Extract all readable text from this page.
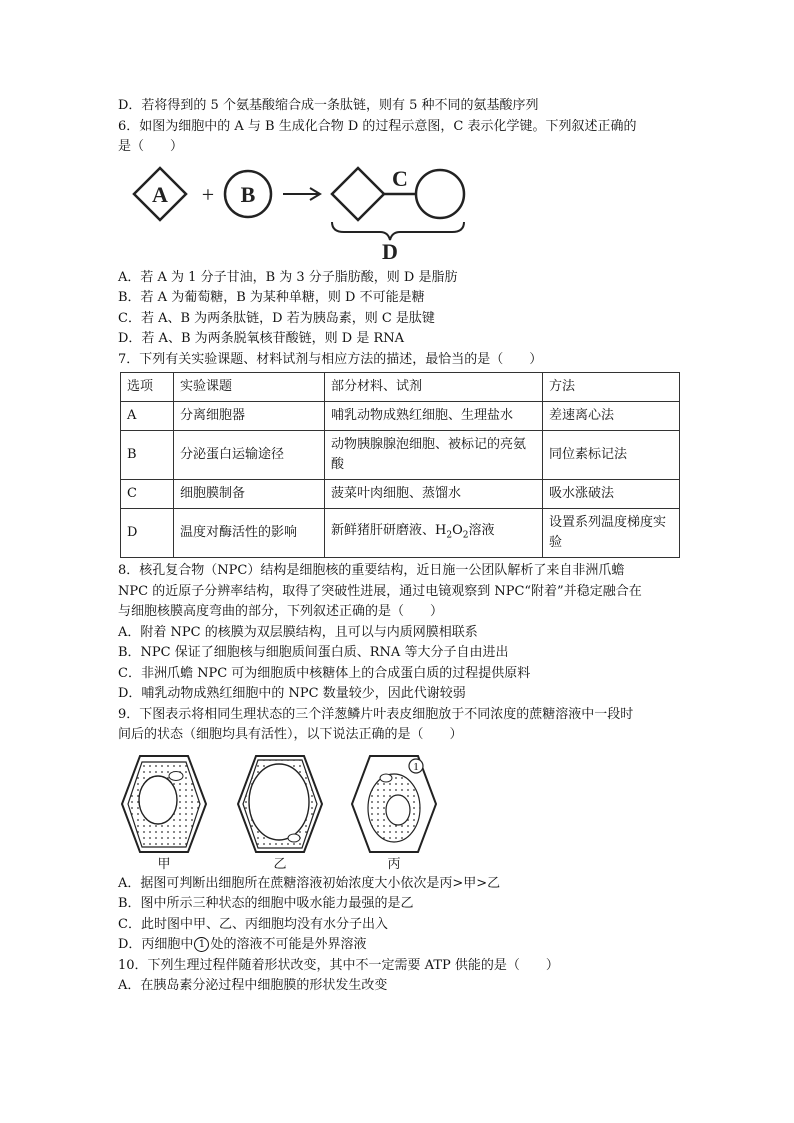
D．若将得到的 5 个氨基酸缩合成一条肽链，则有 5 种不同的氨基酸序列
6．如图为细胞中的 A 与 B 生成化合物 D 的过程示意图，C 表示化学键。下列叙述正确的
是（　　）
A + B
C
D
A．若 A 为 1 分子甘油，B 为 3 分子脂肪酸，则 D 是脂肪
B．若 A 为葡萄糖，B 为某种单糖，则 D 不可能是糖
C．若 A、B 为两条肽链，D 若为胰岛素，则 C 是肽键
D．若 A、B 为两条脱氧核苷酸链，则 D 是 RNA
7．下列有关实验课题、材料试剂与相应方法的描述，最恰当的是（　　）
选项	实验课题	部分材料、试剂	方法
A	分离细胞器	哺乳动物成熟红细胞、生理盐水	差速离心法
B	分泌蛋白运输途径	动物胰腺腺泡细胞、被标记的亮氨酸	同位素标记法
C	细胞膜制备	菠菜叶肉细胞、蒸馏水	吸水涨破法
D	温度对酶活性的影响	新鲜猪肝研磨液、$H_2O_2$溶液	设置系列温度梯度实验
8．核孔复合物（NPC）结构是细胞核的重要结构，近日施一公团队解析了来自非洲爪蟾
NPC 的近原子分辨率结构，取得了突破性进展，通过电镜观察到 NPC“附着”并稳定融合在
与细胞核膜高度弯曲的部分，下列叙述正确的是（　　）
A．附着 NPC 的核膜为双层膜结构，且可以与内质网膜相联系
B．NPC 保证了细胞核与细胞质间蛋白质、RNA 等大分子自由进出
C．非洲爪蟾 NPC 可为细胞质中核糖体上的合成蛋白质的过程提供原料
D．哺乳动物成熟红细胞中的 NPC 数量较少，因此代谢较弱
9．下图表示将相同生理状态的三个洋葱鳞片叶表皮细胞放于不同浓度的蔗糖溶液中一段时
间后的状态（细胞均具有活性），以下说法正确的是（　　）
1
甲	乙	丙
A．据图可判断出细胞所在蔗糖溶液初始浓度大小依次是丙>甲>乙
B．图中所示三种状态的细胞中吸水能力最强的是乙
C．此时图中甲、乙、丙细胞均没有水分子出入
D．丙细胞中 1 处的溶液不可能是外界溶液
10．下列生理过程伴随着形状改变，其中不一定需要 ATP 供能的是（　　）
A．在胰岛素分泌过程中细胞膜的形状发生改变
